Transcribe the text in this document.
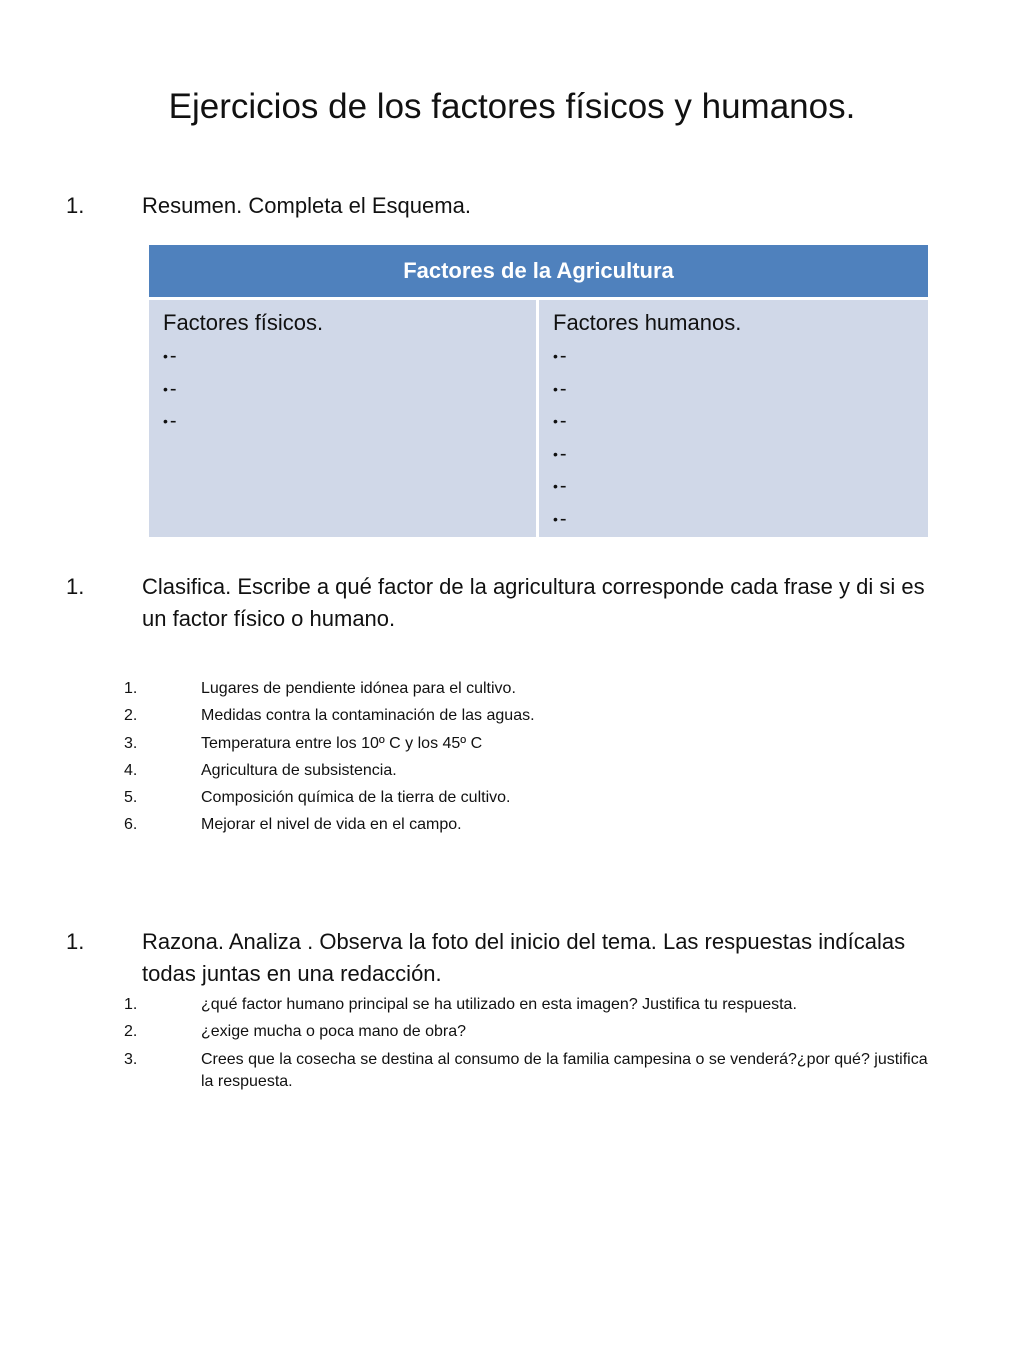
Ejercicios de los factores físicos y humanos.
1.	Resumen. Completa el Esquema.
Factores de la Agricultura
Factores físicos.
• -
• -
• -
Factores humanos.
• -
• -
• -
• -
• -
• -
1.	Clasifica. Escribe a qué factor de la agricultura corresponde cada frase y di si es un factor físico o humano.
1.	Lugares de pendiente idónea para el cultivo.
2.	Medidas contra la contaminación de las aguas.
3.	Temperatura entre los 10º C y los 45º C
4.	Agricultura de subsistencia.
5.	Composición química de la tierra de cultivo.
6.	Mejorar el nivel de vida en el campo.
1.	Razona. Analiza . Observa la foto del inicio del tema. Las respuestas indícalas todas juntas en una redacción.
1.	¿qué factor humano principal se ha utilizado en esta imagen? Justifica tu respuesta.
2.	¿exige mucha o poca mano de obra?
3.	Crees que la cosecha se destina al consumo de la familia campesina o se venderá?¿por qué? justifica la respuesta.
